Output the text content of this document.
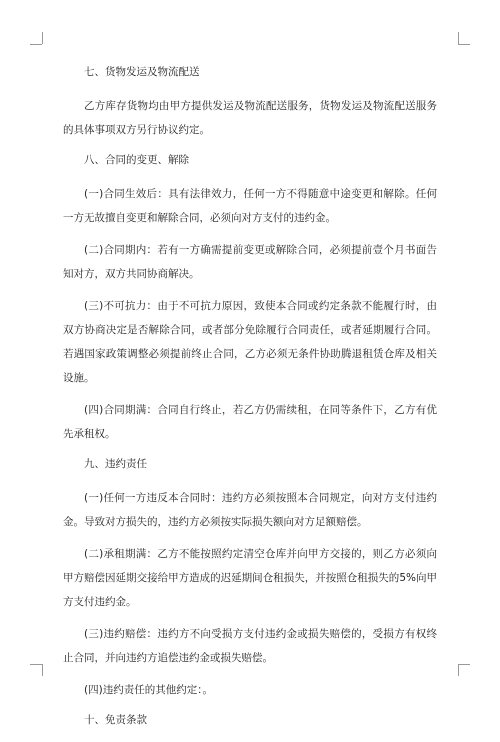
七、货物发运及物流配送
乙方库存货物均由甲方提供发运及物流配送服务，货物发运及物流配送服务的具体事项双方另行协议约定。
八、合同的变更、解除
(一)合同生效后：具有法律效力，任何一方不得随意中途变更和解除。任何一方无故擅自变更和解除合同，必须向对方支付的违约金。
(二)合同期内：若有一方确需提前变更或解除合同，必须提前壹个月书面告知对方，双方共同协商解决。
(三)不可抗力：由于不可抗力原因，致使本合同或约定条款不能履行时，由双方协商决定是否解除合同，或者部分免除履行合同责任，或者延期履行合同。若遇国家政策调整必须提前终止合同，乙方必须无条件协助腾退租赁仓库及相关设施。
(四)合同期满：合同自行终止，若乙方仍需续租，在同等条件下，乙方有优先承租权。
九、违约责任
(一)任何一方违反本合同时：违约方必须按照本合同规定，向对方支付违约金。导致对方损失的，违约方必须按实际损失额向对方足额赔偿。
(二)承租期满：乙方不能按照约定清空仓库并向甲方交接的，则乙方必须向甲方赔偿因延期交接给甲方造成的迟延期间仓租损失，并按照仓租损失的5%向甲方支付违约金。
(三)违约赔偿：违约方不向受损方支付违约金或损失赔偿的，受损方有权终止合同，并向违约方追偿违约金或损失赔偿。
(四)违约责任的其他约定：。
十、免责条款
